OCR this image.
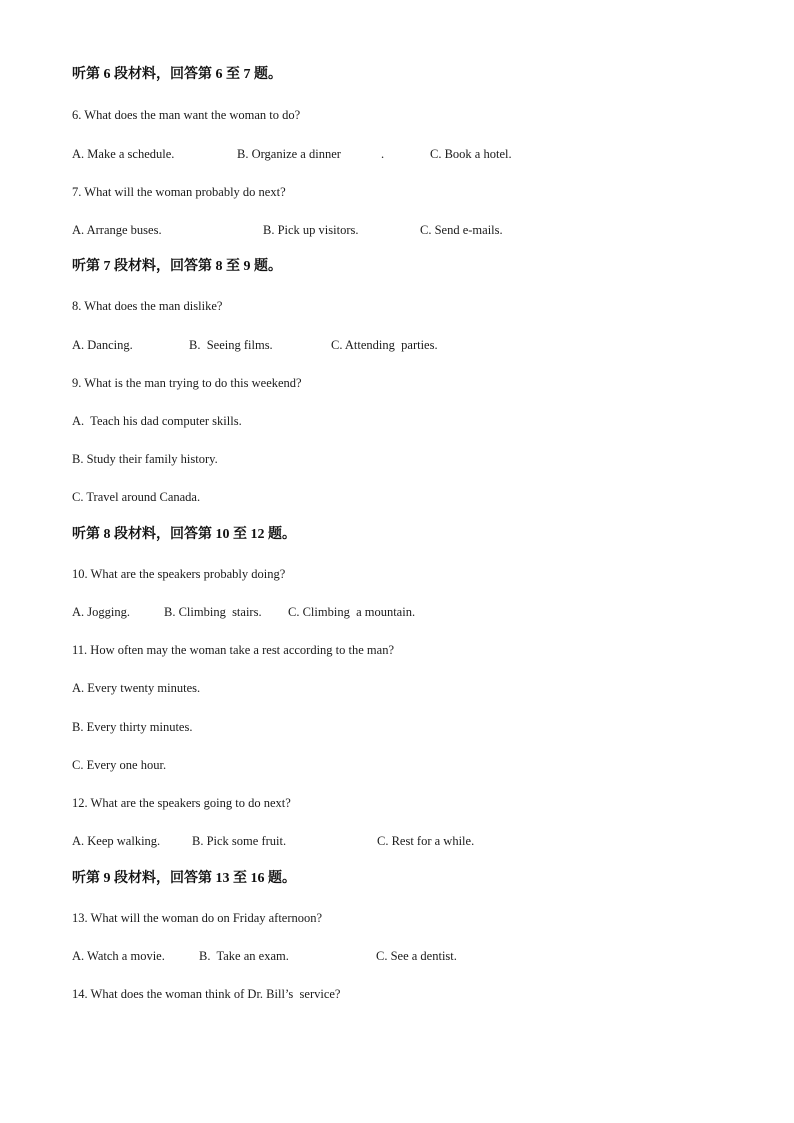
听第 6 段材料，回答第 6 至 7 题。
6. What does the man want the woman to do?
A. Make a schedule.	B. Organize a dinner	.	C. Book a hotel.
7. What will the woman probably do next?
A. Arrange buses.	B. Pick up visitors.	C. Send e-mails.
听第 7 段材料，回答第 8 至 9 题。
8. What does the man dislike?
A. Dancing.	B.  Seeing films.	C. Attending  parties.
9. What is the man trying to do this weekend?
A.  Teach his dad computer skills.
B. Study their family history.
C. Travel around Canada.
听第 8 段材料，回答第 10 至 12 题。
10. What are the speakers probably doing?
A. Jogging.	B. Climbing  stairs. C. Climbing  a mountain.
11. How often may the woman take a rest according to the man?
A. Every twenty minutes.
B. Every thirty minutes.
C. Every one hour.
12. What are the speakers going to do next?
A. Keep walking.	B. Pick some fruit.	C. Rest for a while.
听第 9 段材料，回答第 13 至 16 题。
13. What will the woman do on Friday afternoon?
A. Watch a movie.	B.  Take an exam.	C. See a dentist.
14. What does the woman think of Dr. Bill’s  service?
